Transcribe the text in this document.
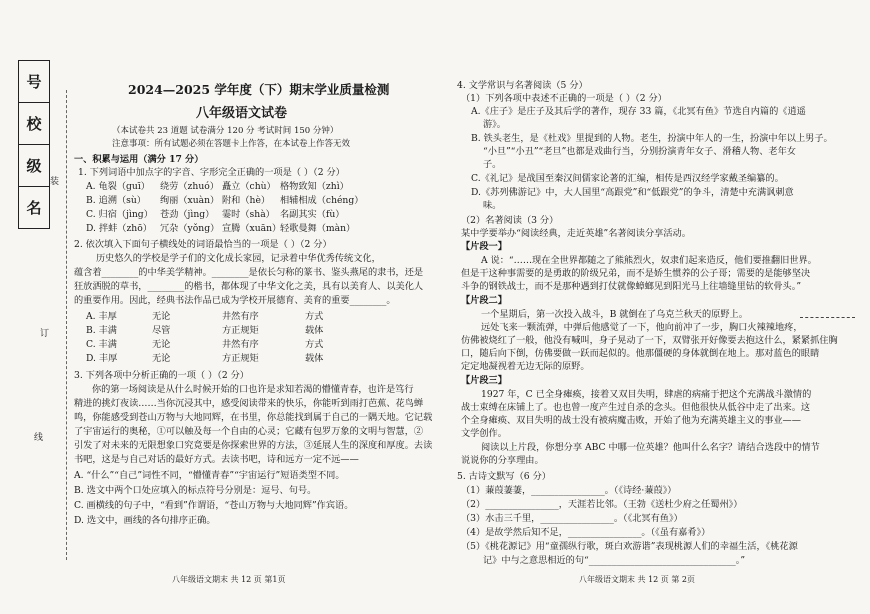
号
校
级
名
装
订
线
2024—2025 学年度（下）期末学业质量检测
八年级语文试卷
（本试卷共 23 道题 试卷满分 120 分 考试时间 150 分钟）
注意事项：所有试题必须在答题卡上作答，在本试卷上作答无效
一、积累与运用（满分 17 分）
1. 下列词语中加点字的字音、字形完全正确的一项是（ ）（2 分）
A. 龟裂（guī） 绕劳（zhuó） 矗立（chù） 格物致知（zhì）
B. 追溯（sù） 绚丽（xuàn） 附和（hè） 相辅相成（chéng）
C. 归宿（jìng） 苍劲（jìng） 霎时（shà） 名副其实（fù）
D. 拌蚌（zhō） 冗杂（yǒng） 宣腾（xuān）
轻歌曼舞（màn）
2. 依次填入下面句子横线处的词语最恰当的一项是（ ）（2 分）
历史悠久的学校是学子们的文化成长家园，记录着中华优秀传统文化，
蕴含着________的中华美学精神。________是依长匀称的篆书、鉴头燕尾的隶书，还是
狂放洒脱的草书，________的楷书，都体现了中华文化之美，具有以美育人、以美化人
的重要作用。因此，经典书法作品已成为学校开展德育、美育的重要________。
A. 丰厚	无论	井然有序	方式
B. 丰满	尽管	方正规矩	载体
C. 丰满	无论	井然有序	方式
D. 丰厚	无论	方正规矩	载体
3. 下列各项中分析正确的一项（ ）（2 分）
你的第一场阅读是从什么时候开始的口也许是求知若渴的懵懂青春，也许是笃行
精进的挑灯夜读……当你沉浸其中，感受阅读带来的快乐，你能听到雨打芭蕉、花鸟蝉
鸣，你能感受到苍山万物与大地同辉，在书里，你总能找到属于自己的一隅天地。它记载
了宇宙运行的奥秘，①可以触及每一个自由的心灵；它藏有包罗万象的文明与智慧，②
引发了对未来的无限想象口究竟要是你探索世界的方法，③延展人生的深度和厚度。去读
书吧，这是与自己对话的最好方式。去读书吧，诗和远方一定不远——
A. “什么”“自己”词性不同，“懵懂青春”“宇宙运行”短语类型不同。
B. 选文中两个口处应填入的标点符号分别是：逗号、句号。
C. 画横线的句子中，“看到”作谓语，“苍山万物与大地同辉”作宾语。
D. 选文中，画线的各句排序正确。
八年级语文期末 共 12 页 第1页
4. 文学常识与名著阅读（5 分）
（1）下列各项中表述不正确的一项是（ ）（2 分）
A.《庄子》是庄子及其后学的著作，现存 33 篇，《北冥有鱼》节选自内篇的《逍遥
游》。
B. 铁头老生，是《杜戏》里提到的人物。老生，扮演中年人的一生，扮演中年以上男子。
“小旦”“小丑”“老旦”也都是戏曲行当，分别扮演青年女子、滑稽人物、老年女
子。
C.《礼记》是战国至秦汉间儒家论著的汇编，相传是西汉经学家戴圣编纂的。
D.《苏列佛游记》中，大人国里“高跟党”和“低跟党”的争斗，清楚中充满讽刺意
味。
（2）名著阅读（3 分）
某中学要举办“阅读经典，走近英雄”名著阅读分享活动。
【片段一】
A 说：“……现在全世界都随之了熊熊烈火，奴隶们起来造反，他们要推翻旧世界。
但是干这种事需要的是勇敢的阶级兄弟，而不是娇生惯养的公子哥；需要的是能够坚决
斗争的钢铁战士，而不是那种遇到打仗就像蟑螂见到阳光马上往墙缝里钻的软骨头。”
【片段二】
一个星期后，第一次投入战斗，B 就倒在了乌克兰秋天的原野上。
远处飞来一颗流弹，中弹后他感觉了一下，他向前冲了一步，胸口火辣辣地疼，
仿佛被烧红了一般，他没有喊叫，身子晃动了一下，双臂张开好像要去抱这什么，紧紧抓住胸
口，随后向下倒，仿佛要做一跃而起似的。他那僵硬的身体就倒在地上。那对蓝色的眼睛
定定地凝视着无边无际的原野。
【片段三】
1927 年，C 已全身瘫痪，接着又双目失明，肆虐的病痛于把这个充满战斗激情的
战士束缚在床铺上了。也也曾一度产生过自杀的念头。但他很快从低谷中走了出来。这
个全身瘫痪、双目失明的战士没有被病魔击败，开始了他为充满英雄主义的事业——
文学创作。
阅读以上片段，你想分享 ABC 中哪一位英雄？他叫什么名字？请结合选段中的情节
说说你的分享理由。
5. 古诗文默写（6 分）
（1）蒹葭萋萋，________________。（《诗经·蒹葭》）
（2）________________，天涯若比邻。（王勃《送杜少府之任蜀州》）
（3）水击三千里，________________。（《北冥有鱼》）
（4）是故学然后知不足，________________。（《虽有嘉肴》）
（5）《桃花源记》用“童孺纵行歌，斑白欢游谐”表现桃源人们的幸福生活，《桃花源
记》中与之意思相近的句“________________________________。”
八年级语文期末 共 12 页 第 2页
